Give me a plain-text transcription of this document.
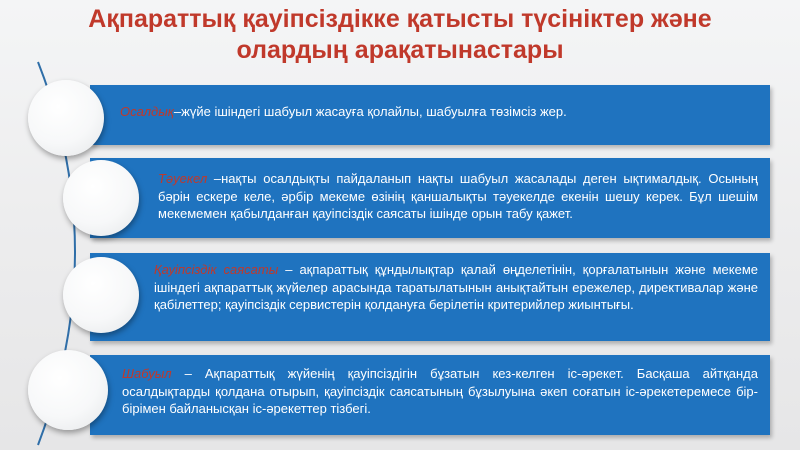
Ақпараттық қауіпсіздікке қатысты түсініктер және
олардың арақатынастары
Осалдық–жүйе ішіндегі шабуыл жасауға қолайлы, шабуылға төзімсіз жер.
Тәуекел –нақты осалдықты пайдаланып нақты шабуыл жасалады деген ықтималдық. Осының бәрін ескере келе, әрбір мекеме өзінің қаншалықты тәуекелде екенін шешу керек. Бұл шешім мекемемен қабылданған қауіпсіздік саясаты ішінде орын табу қажет.
Қауіпсіздік саясаты – ақпараттық құндылықтар қалай өңделетінін, қорғалатынын және мекеме ішіндегі ақпараттық жүйелер арасында таратылатынын анықтайтын ережелер, директивалар және қабілеттер; қауіпсіздік сервистерін қолдануға берілетін критерийлер жиынтығы.
Шабуыл – Ақпараттық жүйенің қауіпсіздігін бұзатын кез-келген іс-әрекет. Басқаша айтқанда осалдықтарды қолдана отырып, қауіпсіздік саясатының бұзылуына әкеп соғатын іс-әрекетеремесе бір-бірімен байланысқан іс-әрекеттер тізбегі.
